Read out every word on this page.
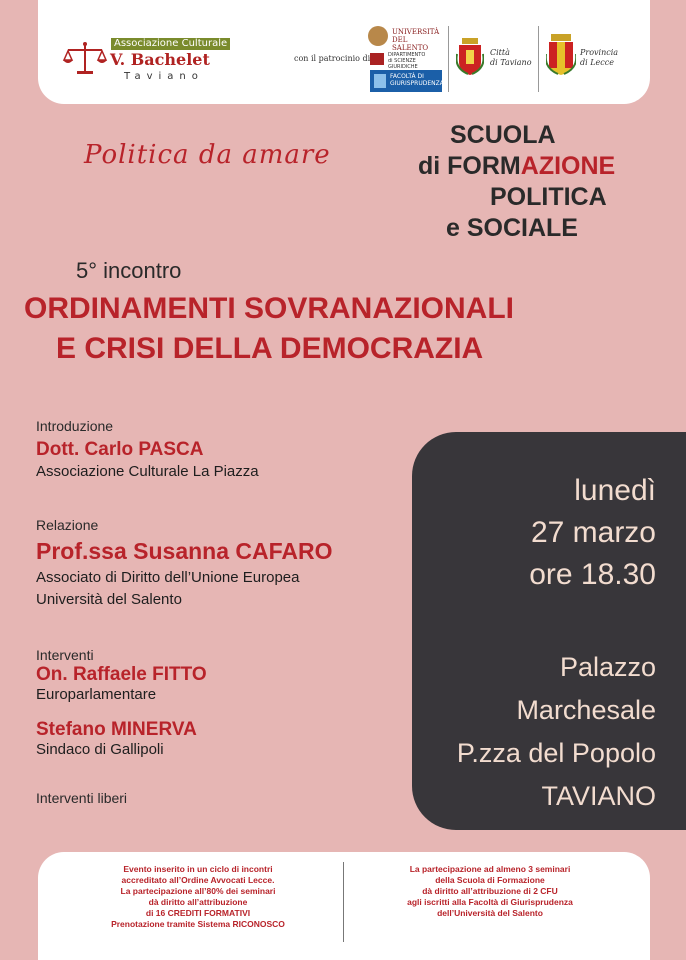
Associazione Culturale
V. Bachelet
Taviano
con il patrocinio di
UNIVERSITÀ
DEL SALENTO
DIPARTIMENTO
di SCIENZE GIURIDICHE
FACOLTÀ DI
GIURISPRUDENZA
Città
di Taviano
Provincia
di Lecce
Politica da amare
SCUOLA
di FORMAZIONE
POLITICA
e SOCIALE
5° incontro
ORDINAMENTI SOVRANAZIONALI
E CRISI DELLA DEMOCRAZIA
Introduzione
Dott. Carlo PASCA
Associazione Culturale La Piazza
Relazione
Prof.ssa Susanna CAFARO
Associato di Diritto dell’Unione Europea
Università del Salento
Interventi
On. Raffaele FITTO
Europarlamentare
Stefano MINERVA
Sindaco di Gallipoli
Interventi liberi
lunedì
27 marzo
ore 18.30
Palazzo
Marchesale
P.zza del Popolo
TAVIANO
Evento inserito in un ciclo di incontri
accreditato all’Ordine Avvocati Lecce.
La partecipazione all’80% dei seminari
dà diritto all’attribuzione
di 16 CREDITI FORMATIVI
Prenotazione tramite Sistema RICONOSCO
La partecipazione ad almeno 3 seminari
della Scuola di Formazione
dà diritto all’attribuzione di 2 CFU
agli iscritti alla Facoltà di Giurisprudenza
dell’Università del Salento
